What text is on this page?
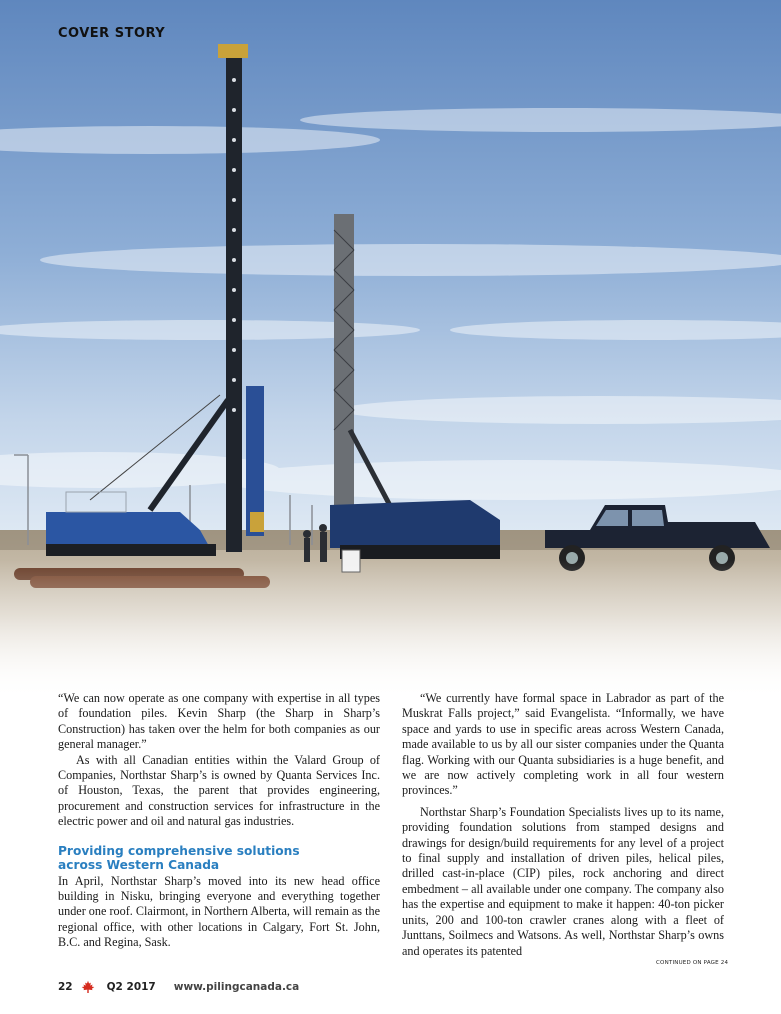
COVER STORY

“We can now operate as one company with expertise in all types of foundation piles. Kevin Sharp (the Sharp in Sharp’s Construction) has taken over the helm for both companies as our general manager.”

As with all Canadian entities within the Valard Group of Companies, Northstar Sharp’s is owned by Quanta Services Inc. of Houston, Texas, the parent that provides engineering, procurement and construction services for infrastructure in the electric power and oil and natural gas industries.

Providing comprehensive solutions
across Western Canada

In April, Northstar Sharp’s moved into its new head office building in Nisku, bringing everyone and everything together under one roof. Clairmont, in Northern Alberta, will remain as the regional office, with other locations in Calgary, Fort St. John, B.C. and Regina, Sask.

“We currently have formal space in Labrador as part of the Muskrat Falls project,” said Evangelista. “Informally, we have space and yards to use in specific areas across Western Canada, made available to us by all our sister companies under the Quanta flag. Working with our Quanta subsidiaries is a huge benefit, and we are now actively completing work in all four western provinces.”

Northstar Sharp’s Foundation Specialists lives up to its name, providing foundation solutions from stamped designs and drawings for design/build requirements for any level of a project to final supply and installation of driven piles, helical piles, drilled cast-in-place (CIP) piles, rock anchoring and direct embedment – all available under one company. The company also has the expertise and equipment to make it happen: 40-ton picker units, 200 and 100-ton crawler cranes along with a fleet of Junttans, Soilmecs and Watsons. As well, Northstar Sharp’s owns and operates its patented

CONTINUED ON PAGE 24
22	Q2 2017 www.pilingcanada.ca
